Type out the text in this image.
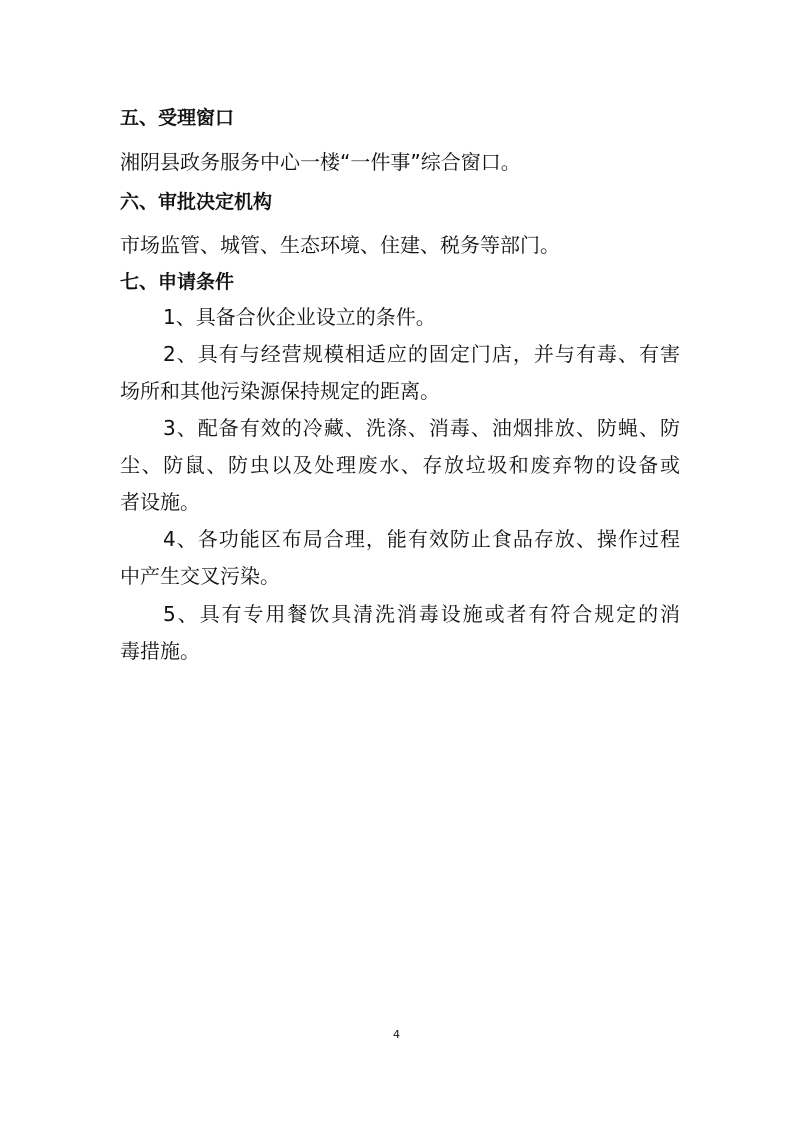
五、受理窗口
湘阴县政务服务中心一楼“一件事”综合窗口。
六、审批决定机构
市场监管、城管、生态环境、住建、税务等部门。
七、申请条件
1、具备合伙企业设立的条件。
2、具有与经营规模相适应的固定门店，并与有毒、有害
场所和其他污染源保持规定的距离。
3、配备有效的冷藏、洗涤、消毒、油烟排放、防蝇、防
尘、防鼠、防虫以及处理废水、存放垃圾和废弃物的设备或
者设施。
4、各功能区布局合理，能有效防止食品存放、操作过程
中产生交叉污染。
5、具有专用餐饮具清洗消毒设施或者有符合规定的消
毒措施。
4
